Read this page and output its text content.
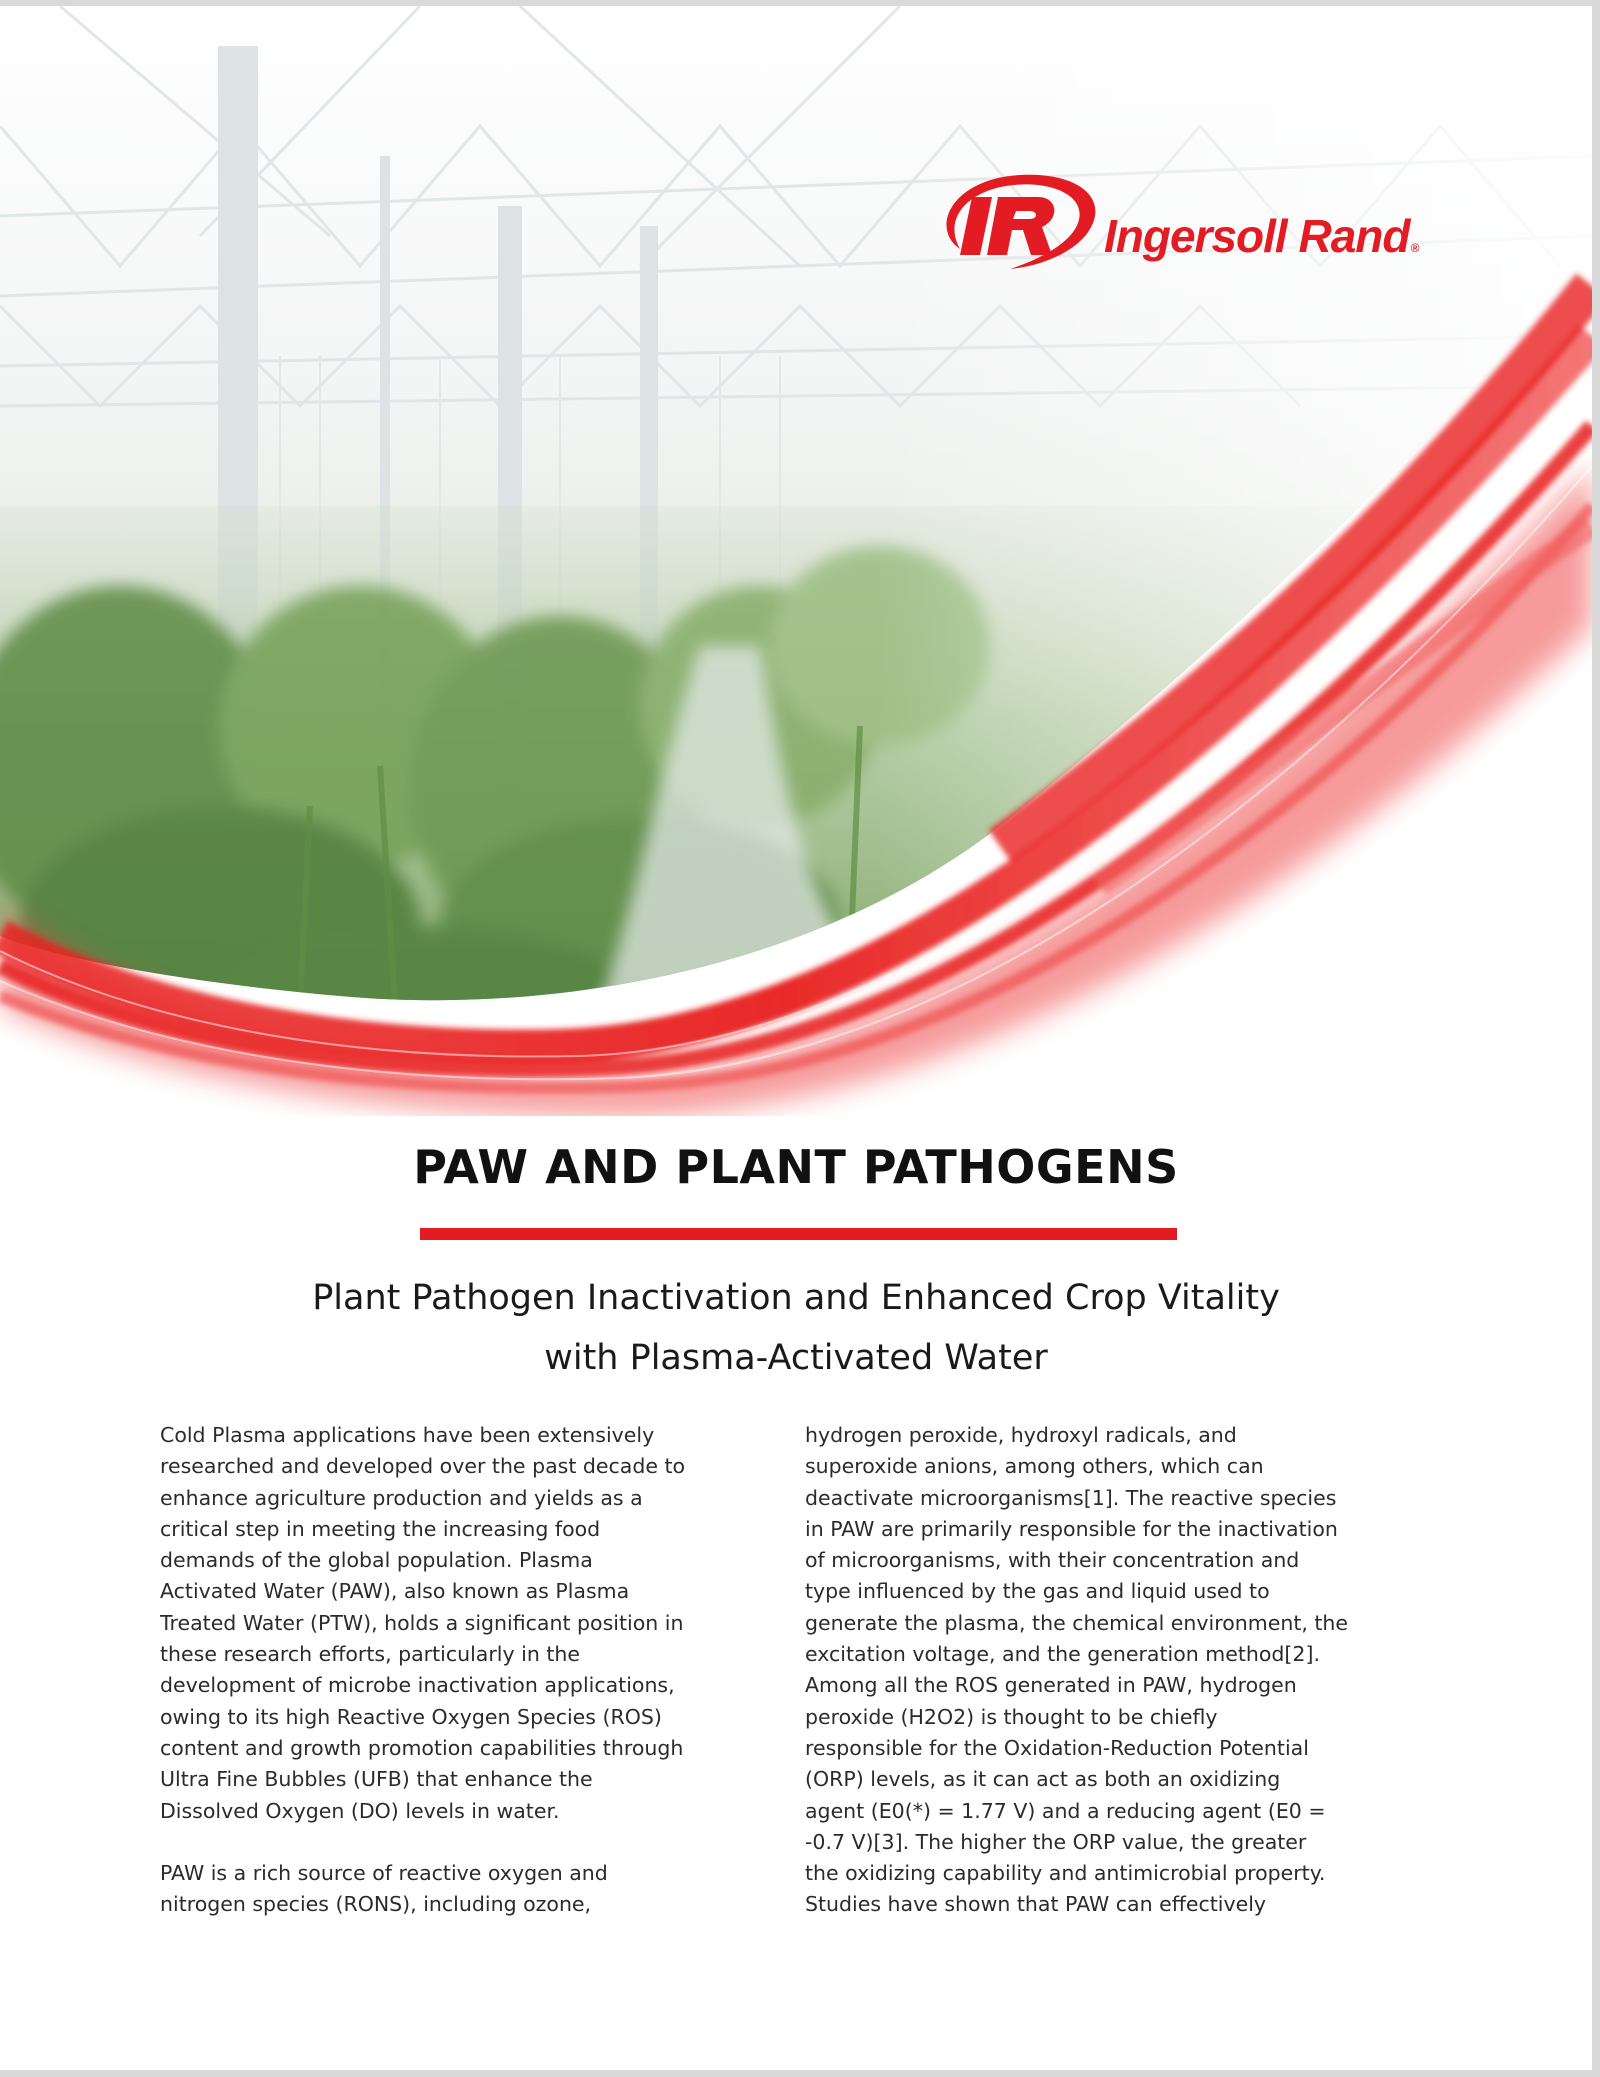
Ingersoll Rand®
PAW AND PLANT PATHOGENS
Plant Pathogen Inactivation and Enhanced Crop Vitality
with Plasma-Activated Water

Cold Plasma applications have been extensively
researched and developed over the past decade to
enhance agriculture production and yields as a
critical step in meeting the increasing food
demands of the global population. Plasma
Activated Water (PAW), also known as Plasma
Treated Water (PTW), holds a significant position in
these research efforts, particularly in the
development of microbe inactivation applications,
owing to its high Reactive Oxygen Species (ROS)
content and growth promotion capabilities through
Ultra Fine Bubbles (UFB) that enhance the
Dissolved Oxygen (DO) levels in water.

PAW is a rich source of reactive oxygen and
nitrogen species (RONS), including ozone,

hydrogen peroxide, hydroxyl radicals, and
superoxide anions, among others, which can
deactivate microorganisms[1]. The reactive species
in PAW are primarily responsible for the inactivation
of microorganisms, with their concentration and
type influenced by the gas and liquid used to
generate the plasma, the chemical environment, the
excitation voltage, and the generation method[2].
Among all the ROS generated in PAW, hydrogen
peroxide (H2O2) is thought to be chiefly
responsible for the Oxidation-Reduction Potential
(ORP) levels, as it can act as both an oxidizing
agent (E0(*) = 1.77 V) and a reducing agent (E0 =
-0.7 V)[3]. The higher the ORP value, the greater
the oxidizing capability and antimicrobial property.
Studies have shown that PAW can effectively
